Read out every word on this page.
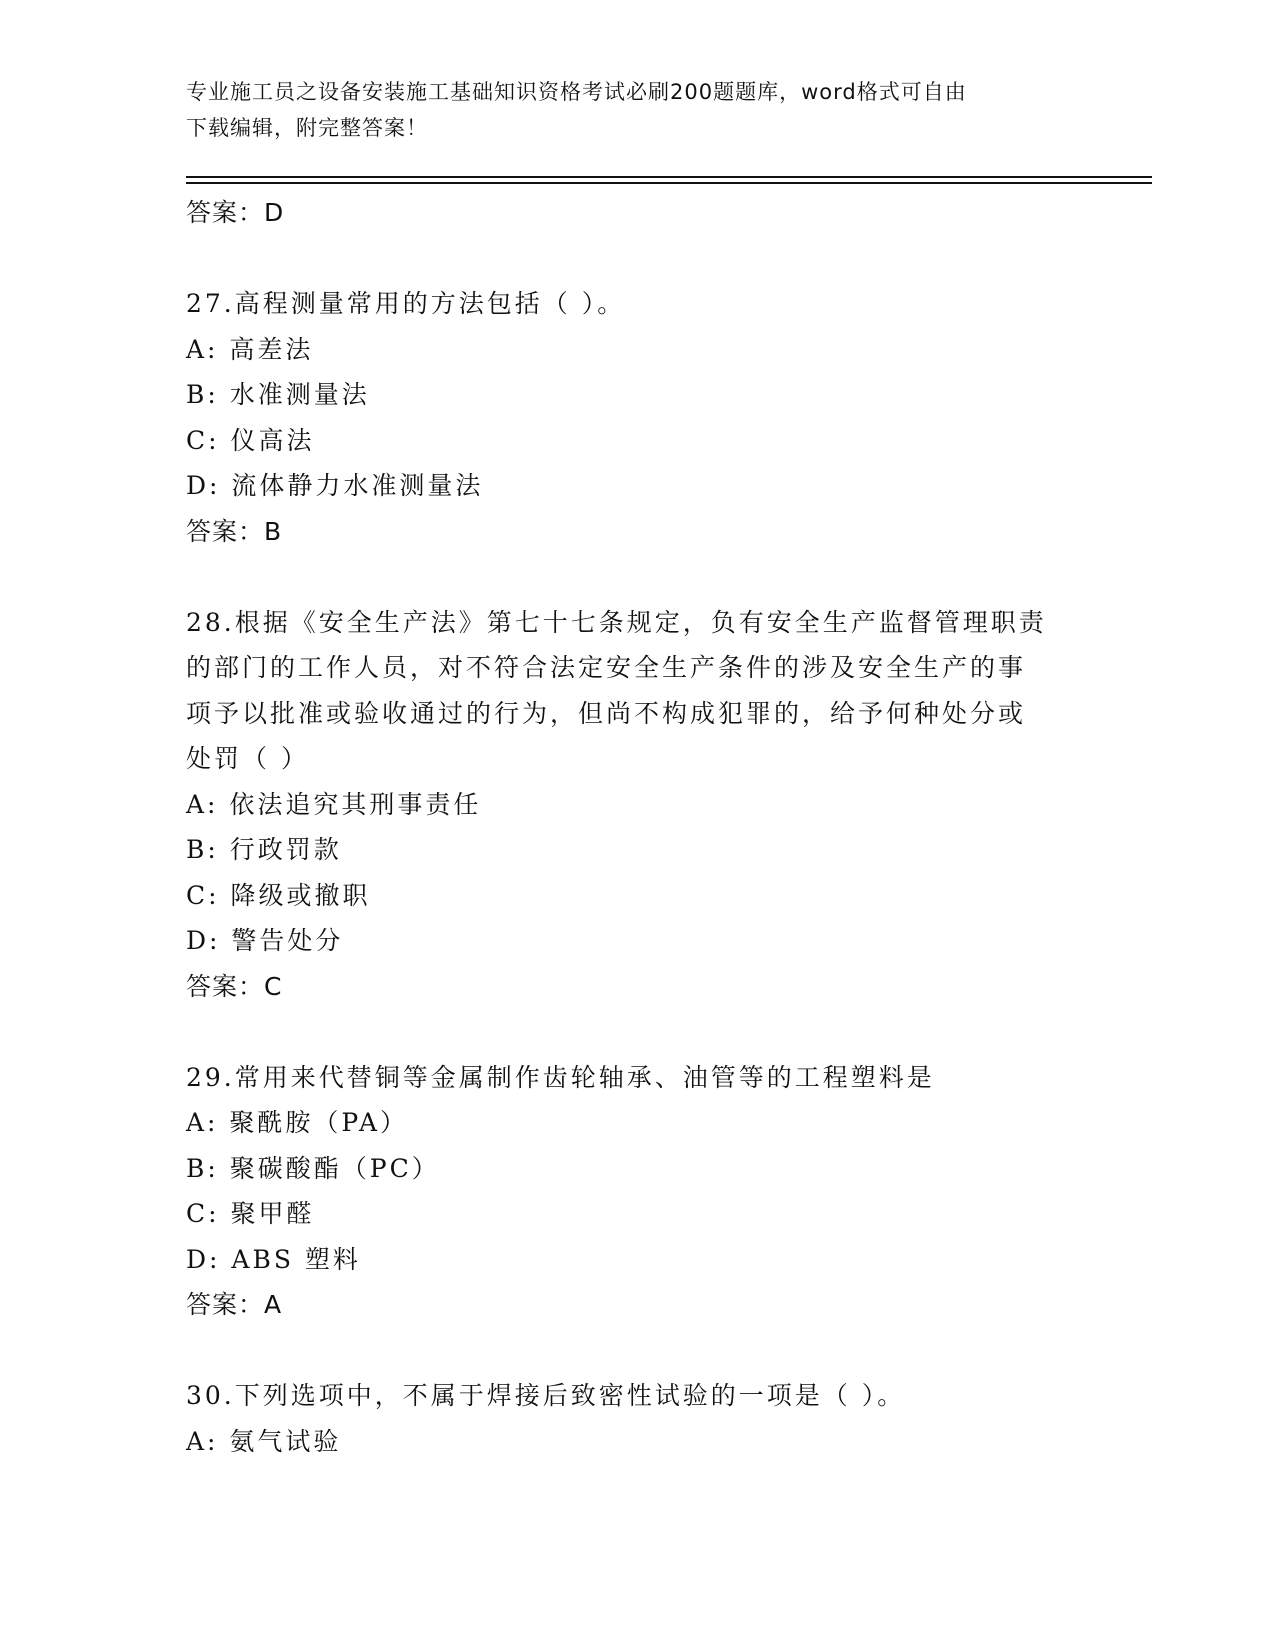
专业施工员之设备安装施工基础知识资格考试必刷200题题库，word格式可自由
下载编辑，附完整答案！
答案：D
27.高程测量常用的方法包括（ ）。
A: 高差法
B: 水准测量法
C: 仪高法
D: 流体静力水准测量法
答案：B
28.根据《安全生产法》第七十七条规定，负有安全生产监督管理职责
的部门的工作人员，对不符合法定安全生产条件的涉及安全生产的事
项予以批准或验收通过的行为，但尚不构成犯罪的，给予何种处分或
处罚（ ）
A: 依法追究其刑事责任
B: 行政罚款
C: 降级或撤职
D: 警告处分
答案：C
29.常用来代替铜等金属制作齿轮轴承、油管等的工程塑料是
A: 聚酰胺（PA）
B: 聚碳酸酯（PC）
C: 聚甲醛
D: ABS 塑料
答案：A
30.下列选项中，不属于焊接后致密性试验的一项是（ ）。
A: 氨气试验
